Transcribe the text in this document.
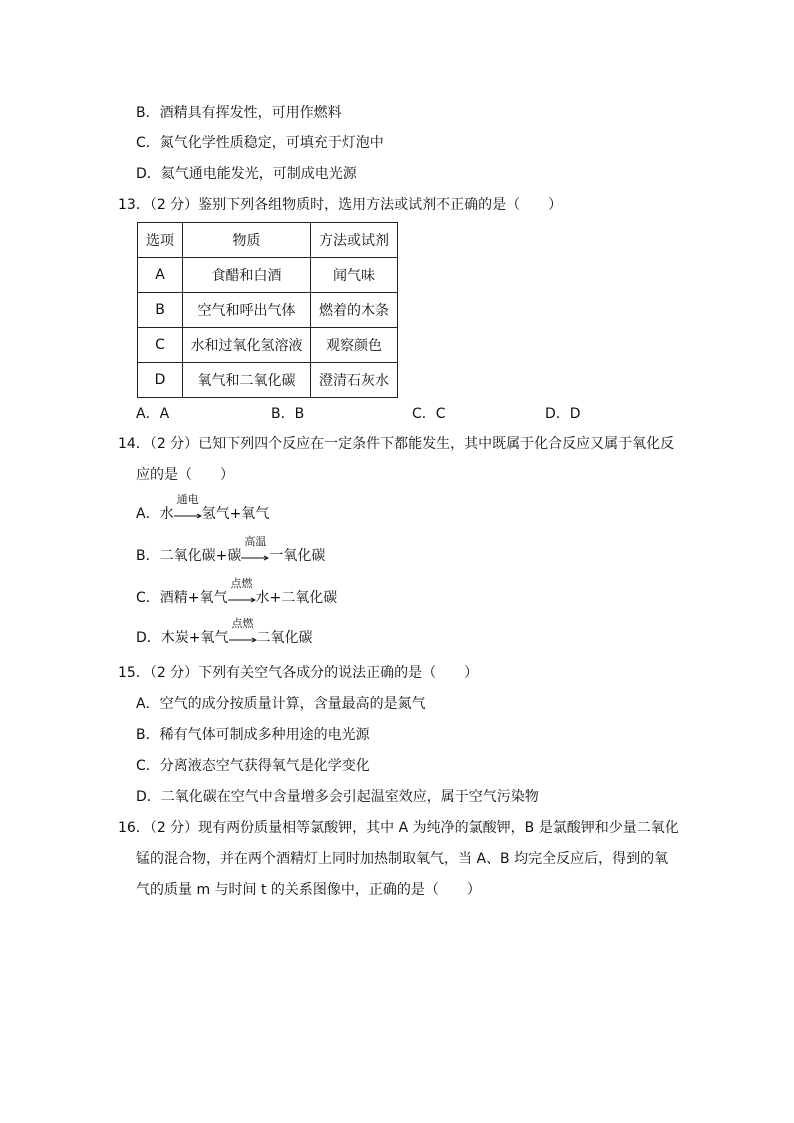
B．酒精具有挥发性，可用作燃料
C．氮气化学性质稳定，可填充于灯泡中
D．氦气通电能发光，可制成电光源
13．（2 分）鉴别下列各组物质时，选用方法或试剂不正确的是（　　）
选项	物质	方法或试剂
A	食醋和白酒	闻气味
B	空气和呼出气体	燃着的木条
C	水和过氧化氢溶液	观察颜色
D	氧气和二氧化碳	澄清石灰水
A．A	B．B	C．C	D．D
14．（2 分）已知下列四个反应在一定条件下都能发生，其中既属于化合反应又属于氧化反
应的是（　　）
A．水
通电
氢气+氧气
B．二氧化碳+碳
高温
一氧化碳
C．酒精+氧气
点燃
水+二氧化碳
D．木炭+氧气
点燃
二氧化碳
15．（2 分）下列有关空气各成分的说法正确的是（　　）
A．空气的成分按质量计算，含量最高的是氮气
B．稀有气体可制成多种用途的电光源
C．分离液态空气获得氧气是化学变化
D．二氧化碳在空气中含量增多会引起温室效应，属于空气污染物
16．（2 分）现有两份质量相等氯酸钾，其中 A 为纯净的氯酸钾，B 是氯酸钾和少量二氧化
锰的混合物，并在两个酒精灯上同时加热制取氧气，当 A、B 均完全反应后，得到的氧
气的质量 m 与时间 t 的关系图像中，正确的是（　　）
